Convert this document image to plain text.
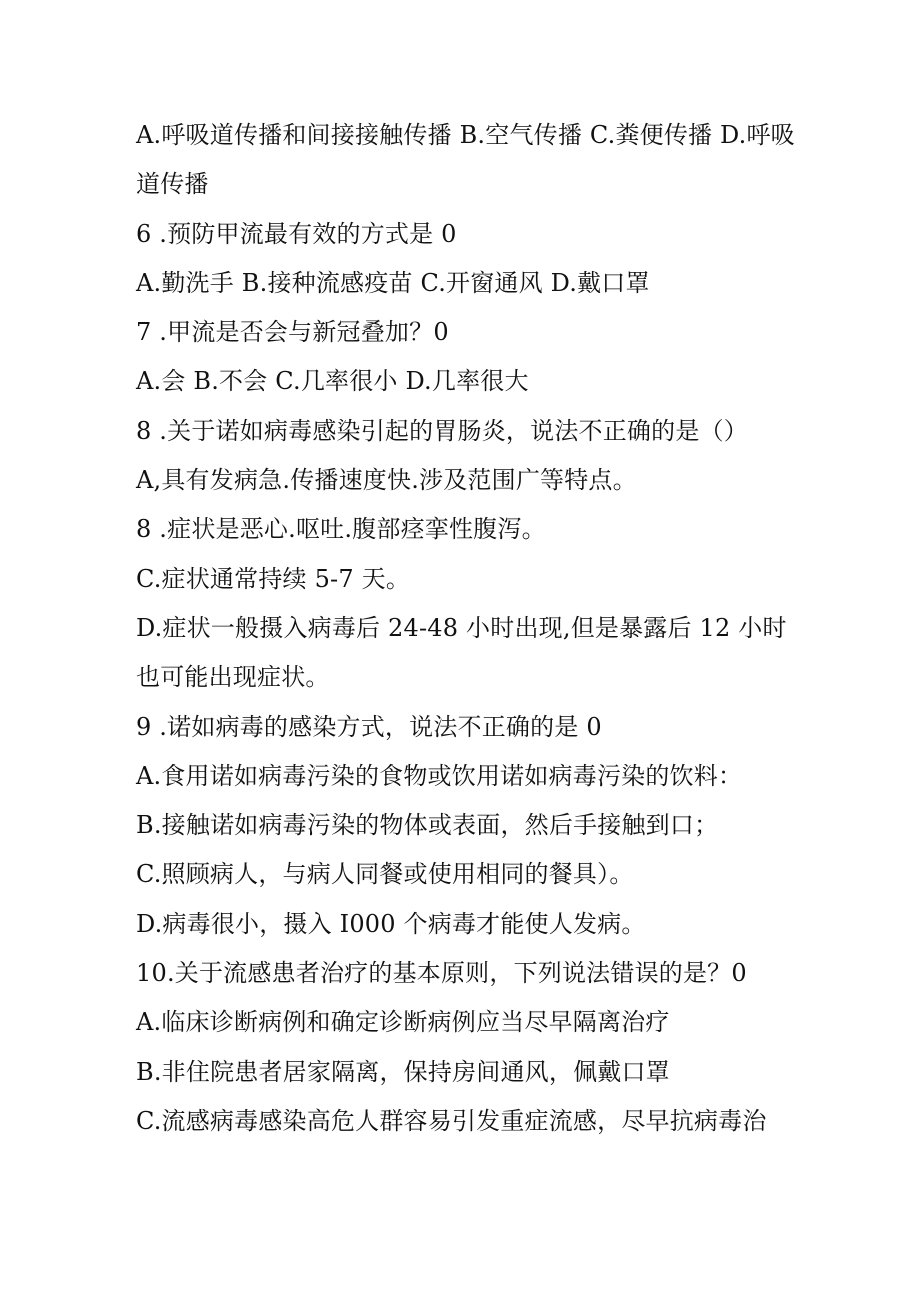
A.呼吸道传播和间接接触传播 B.空气传播 C.粪便传播 D.呼吸
道传播
6 .预防甲流最有效的方式是 0
A.勤洗手 B.接种流感疫苗 C.开窗通风 D.戴口罩
7 .甲流是否会与新冠叠加？0
A.会 B.不会 C.几率很小 D.几率很大
8 .关于诺如病毒感染引起的胃肠炎，说法不正确的是（）
A,具有发病急.传播速度快.涉及范围广等特点。
8 .症状是恶心.呕吐.腹部痉挛性腹泻。
C.症状通常持续 5-7 天。
D.症状一般摄入病毒后 24-48 小时出现,但是暴露后 12 小时
也可能出现症状。
9 .诺如病毒的感染方式，说法不正确的是 0
A.食用诺如病毒污染的食物或饮用诺如病毒污染的饮料：
B.接触诺如病毒污染的物体或表面，然后手接触到口；
C.照顾病人，与病人同餐或使用相同的餐具）。
D.病毒很小，摄入 I000 个病毒才能使人发病。
10.关于流感患者治疗的基本原则，下列说法错误的是？0
A.临床诊断病例和确定诊断病例应当尽早隔离治疗
B.非住院患者居家隔离，保持房间通风，佩戴口罩
C.流感病毒感染高危人群容易引发重症流感，尽早抗病毒治
